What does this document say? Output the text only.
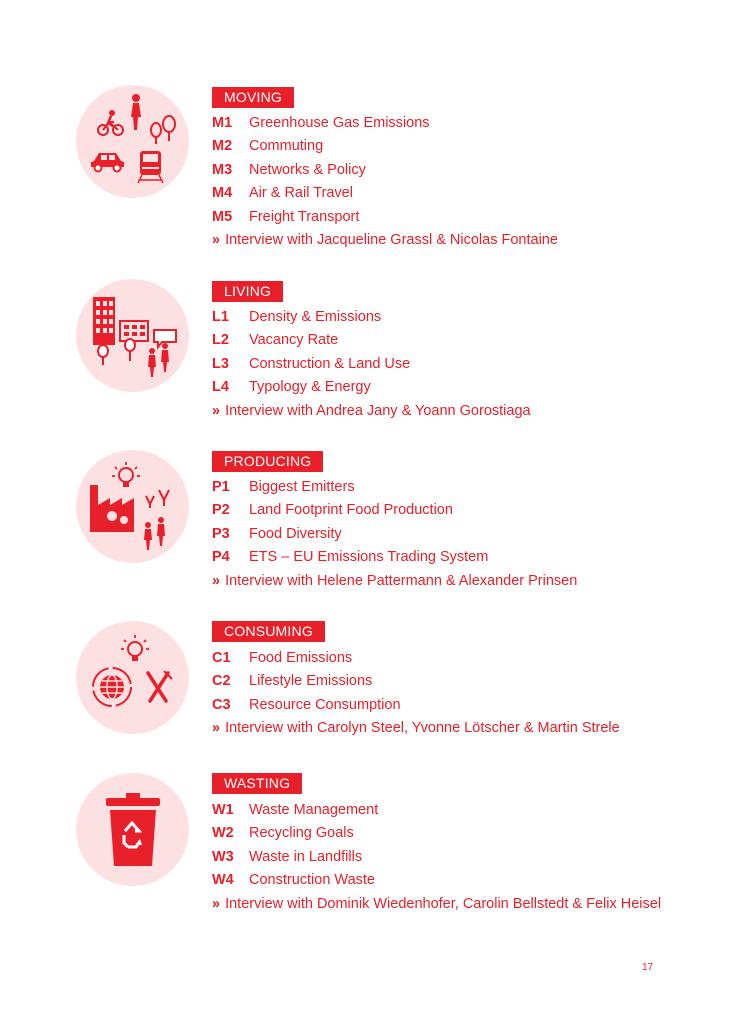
MOVING
M1 Greenhouse Gas Emissions
M2 Commuting
M3 Networks & Policy
M4 Air & Rail Travel
M5 Freight Transport
» Interview with Jacqueline Grassl & Nicolas Fontaine
LIVING
L1 Density & Emissions
L2 Vacancy Rate
L3 Construction & Land Use
L4 Typology & Energy
» Interview with Andrea Jany & Yoann Gorostiaga
PRODUCING
P1 Biggest Emitters
P2 Land Footprint Food Production
P3 Food Diversity
P4 ETS – EU Emissions Trading System
» Interview with Helene Pattermann & Alexander Prinsen
CONSUMING
C1 Food Emissions
C2 Lifestyle Emissions
C3 Resource Consumption
» Interview with Carolyn Steel, Yvonne Lötscher & Martin Strele
WASTING
W1 Waste Management
W2 Recycling Goals
W3 Waste in Landfills
W4 Construction Waste
» Interview with Dominik Wiedenhofer, Carolin Bellstedt & Felix Heisel
17
